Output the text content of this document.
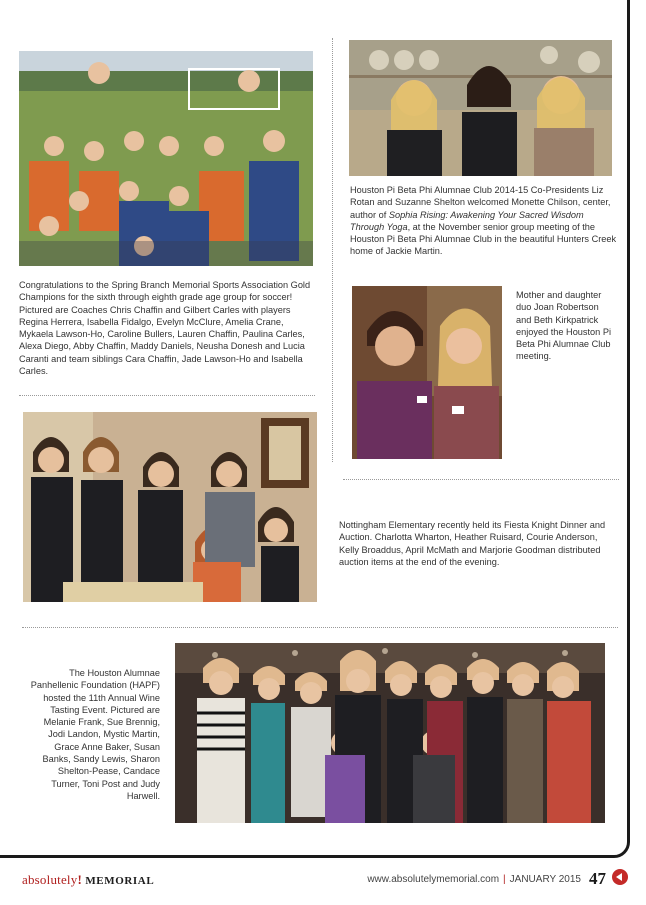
Congratulations to the Spring Branch Memorial Sports Association Gold Champions for the sixth through eighth grade age group for soccer! Pictured are Coaches Chris Chaffin and Gilbert Carles with players Regina Herrera, Isabella Fidalgo, Evelyn McClure, Amelia Crane, Mykaela Lawson-Ho, Caroline Bullers, Lauren Chaffin, Paulina Carles, Alexa Diego, Abby Chaffin, Maddy Daniels, Neusha Donesh and Lucia Caranti and team siblings Cara Chaffin, Jade Lawson-Ho and Isabella Carles.

Houston Pi Beta Phi Alumnae Club 2014-15 Co-Presidents Liz Rotan and Suzanne Shelton welcomed Monette Chilson, center, author of Sophia Rising: Awakening Your Sacred Wisdom Through Yoga, at the November senior group meeting of the Houston Pi Beta Phi Alumnae Club in the beautiful Hunters Creek home of Jackie Martin.

Mother and daughter duo Joan Robertson and Beth Kirkpatrick enjoyed the Houston Pi Beta Phi Alumnae Club meeting.

Nottingham Elementary recently held its Fiesta Knight Dinner and Auction. Charlotta Wharton, Heather Ruisard, Courie Anderson, Kelly Broaddus, April McMath and Marjorie Goodman distributed auction items at the end of the evening.

The Houston Alumnae Panhellenic Foundation (HAPF) hosted the 11th Annual Wine Tasting Event. Pictured are Melanie Frank, Sue Brennig, Jodi Landon, Mystic Martin, Grace Anne Baker, Susan Banks, Sandy Lewis, Sharon Shelton-Pease, Candace Turner, Toni Post and Judy Harwell.

absolutely! MEMORIAL	www.absolutelymemorial.com | JANUARY 2015 47
